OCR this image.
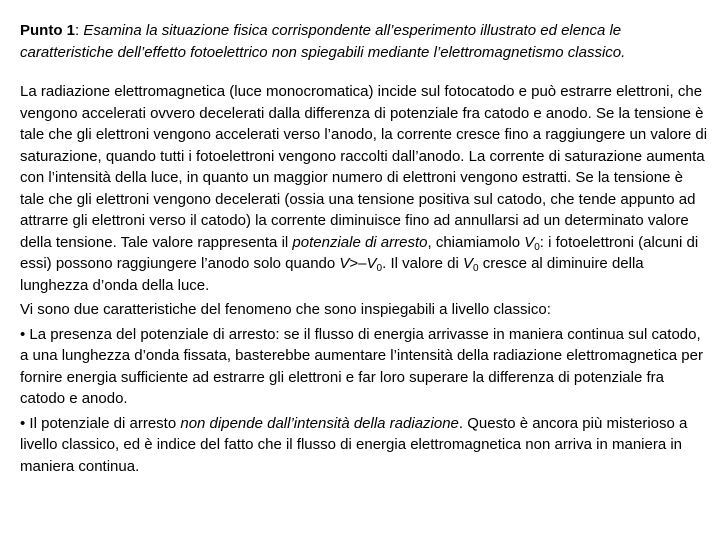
Punto 1: Esamina la situazione fisica corrispondente all’esperimento illustrato ed elenca le caratteristiche dell’effetto fotoelettrico non spiegabili mediante l’elettromagnetismo classico.

La radiazione elettromagnetica (luce monocromatica) incide sul fotocatodo e può estrarre elettroni, che vengono accelerati ovvero decelerati dalla differenza di potenziale fra catodo e anodo. Se la tensione è tale che gli elettroni vengono accelerati verso l’anodo, la corrente cresce fino a raggiungere un valore di saturazione, quando tutti i fotoelettroni vengono raccolti dall’anodo. La corrente di saturazione aumenta con l’intensità della luce, in quanto un maggior numero di elettroni vengono estratti. Se la tensione è tale che gli elettroni vengono decelerati (ossia una tensione positiva sul catodo, che tende appunto ad attrarre gli elettroni verso il catodo) la corrente diminuisce fino ad annullarsi ad un determinato valore della tensione. Tale valore rappresenta il potenziale di arresto, chiamiamolo $V_0$: i fotoelettroni (alcuni di essi) possono raggiungere l’anodo solo quando $V>-V_0$. Il valore di $V_0$ cresce al diminuire della lunghezza d’onda della luce.

Vi sono due caratteristiche del fenomeno che sono inspiegabili a livello classico:

• La presenza del potenziale di arresto: se il flusso di energia arrivasse in maniera continua sul catodo, a una lunghezza d’onda fissata, basterebbe aumentare l’intensità della radiazione elettromagnetica per fornire energia sufficiente ad estrarre gli elettroni e far loro superare la differenza di potenziale fra catodo e anodo.

• Il potenziale di arresto non dipende dall’intensità della radiazione. Questo è ancora più misterioso a livello classico, ed è indice del fatto che il flusso di energia elettromagnetica non arriva in maniera in maniera continua.
